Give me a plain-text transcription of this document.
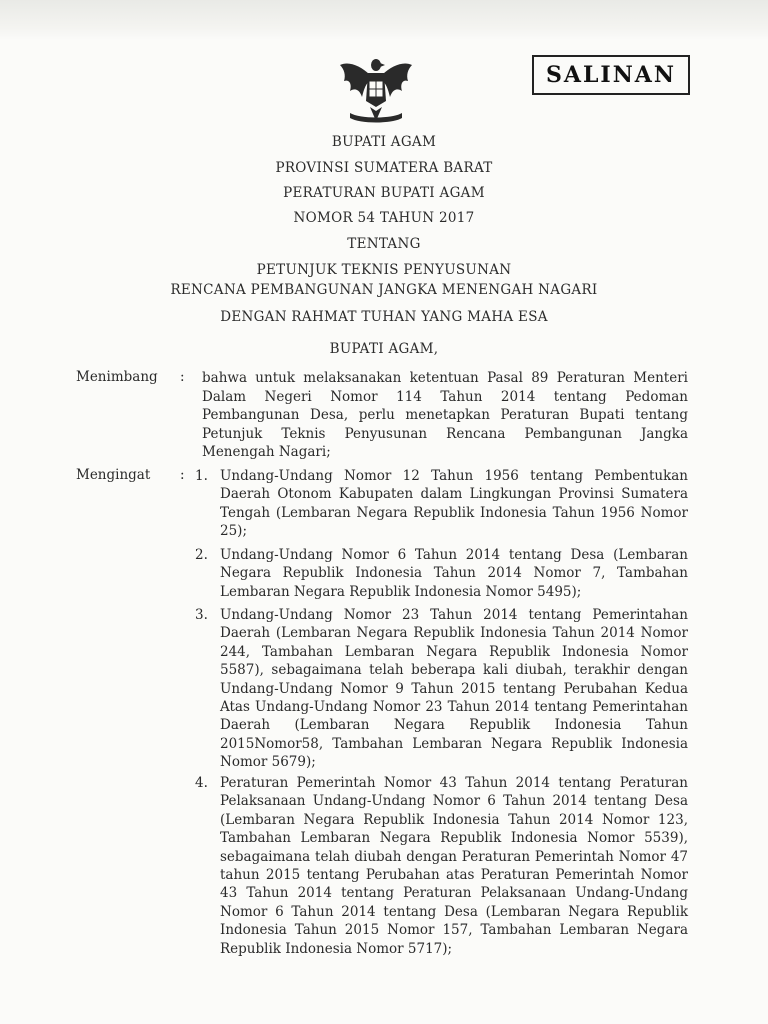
SALINAN
BUPATI AGAM
PROVINSI SUMATERA BARAT
PERATURAN BUPATI AGAM
NOMOR 54 TAHUN 2017
TENTANG
PETUNJUK TEKNIS PENYUSUNAN
RENCANA PEMBANGUNAN JANGKA MENENGAH NAGARI
DENGAN RAHMAT TUHAN YANG MAHA ESA
BUPATI AGAM,
Menimbang : bahwa untuk melaksanakan ketentuan Pasal 89 Peraturan Menteri Dalam Negeri Nomor 114 Tahun 2014 tentang Pedoman Pembangunan Desa, perlu menetapkan Peraturan Bupati tentang Petunjuk Teknis Penyusunan Rencana Pembangunan Jangka Menengah Nagari;
Mengingat : 1. Undang-Undang Nomor 12 Tahun 1956 tentang Pembentukan Daerah Otonom Kabupaten dalam Lingkungan Provinsi Sumatera Tengah (Lembaran Negara Republik Indonesia Tahun 1956 Nomor 25);
2. Undang-Undang Nomor 6 Tahun 2014 tentang Desa (Lembaran Negara Republik Indonesia Tahun 2014 Nomor 7, Tambahan Lembaran Negara Republik Indonesia Nomor 5495);
3. Undang-Undang Nomor 23 Tahun 2014 tentang Pemerintahan Daerah (Lembaran Negara Republik Indonesia Tahun 2014 Nomor 244, Tambahan Lembaran Negara Republik Indonesia Nomor 5587), sebagaimana telah beberapa kali diubah, terakhir dengan Undang-Undang Nomor 9 Tahun 2015 tentang Perubahan Kedua Atas Undang-Undang Nomor 23 Tahun 2014 tentang Pemerintahan Daerah (Lembaran Negara Republik Indonesia Tahun 2015Nomor58, Tambahan Lembaran Negara Republik Indonesia Nomor 5679);
4. Peraturan Pemerintah Nomor 43 Tahun 2014 tentang Peraturan Pelaksanaan Undang-Undang Nomor 6 Tahun 2014 tentang Desa (Lembaran Negara Republik Indonesia Tahun 2014 Nomor 123, Tambahan Lembaran Negara Republik Indonesia Nomor 5539), sebagaimana telah diubah dengan Peraturan Pemerintah Nomor 47 tahun 2015 tentang Perubahan atas Peraturan Pemerintah Nomor 43 Tahun 2014 tentang Peraturan Pelaksanaan Undang-Undang Nomor 6 Tahun 2014 tentang Desa (Lembaran Negara Republik Indonesia Tahun 2015 Nomor 157, Tambahan Lembaran Negara Republik Indonesia Nomor 5717);
